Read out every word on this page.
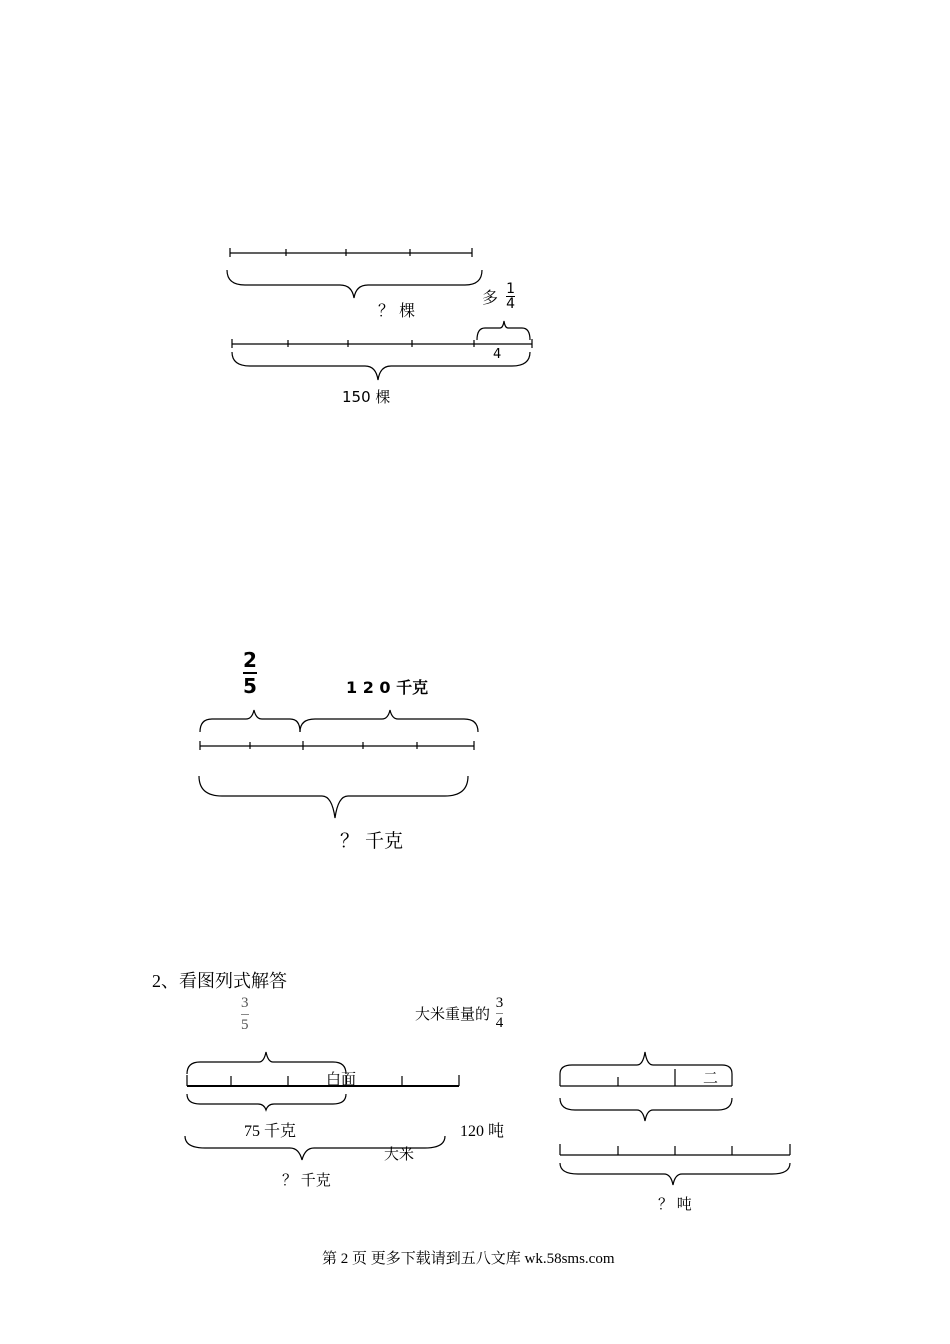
？ 棵
多 $\frac{1}{4}$
4
150 棵
$\frac{2}{5}$	1 2 0 千克
？ 千克
2、看图列式解答
$\frac{3}{5}$
白面
75 千克
大米
？ 千克
大米重量的 $\frac{3}{4}$
二
120 吨
？ 吨
第 2 页 更多下载请到五八文库 wk.58sms.com
